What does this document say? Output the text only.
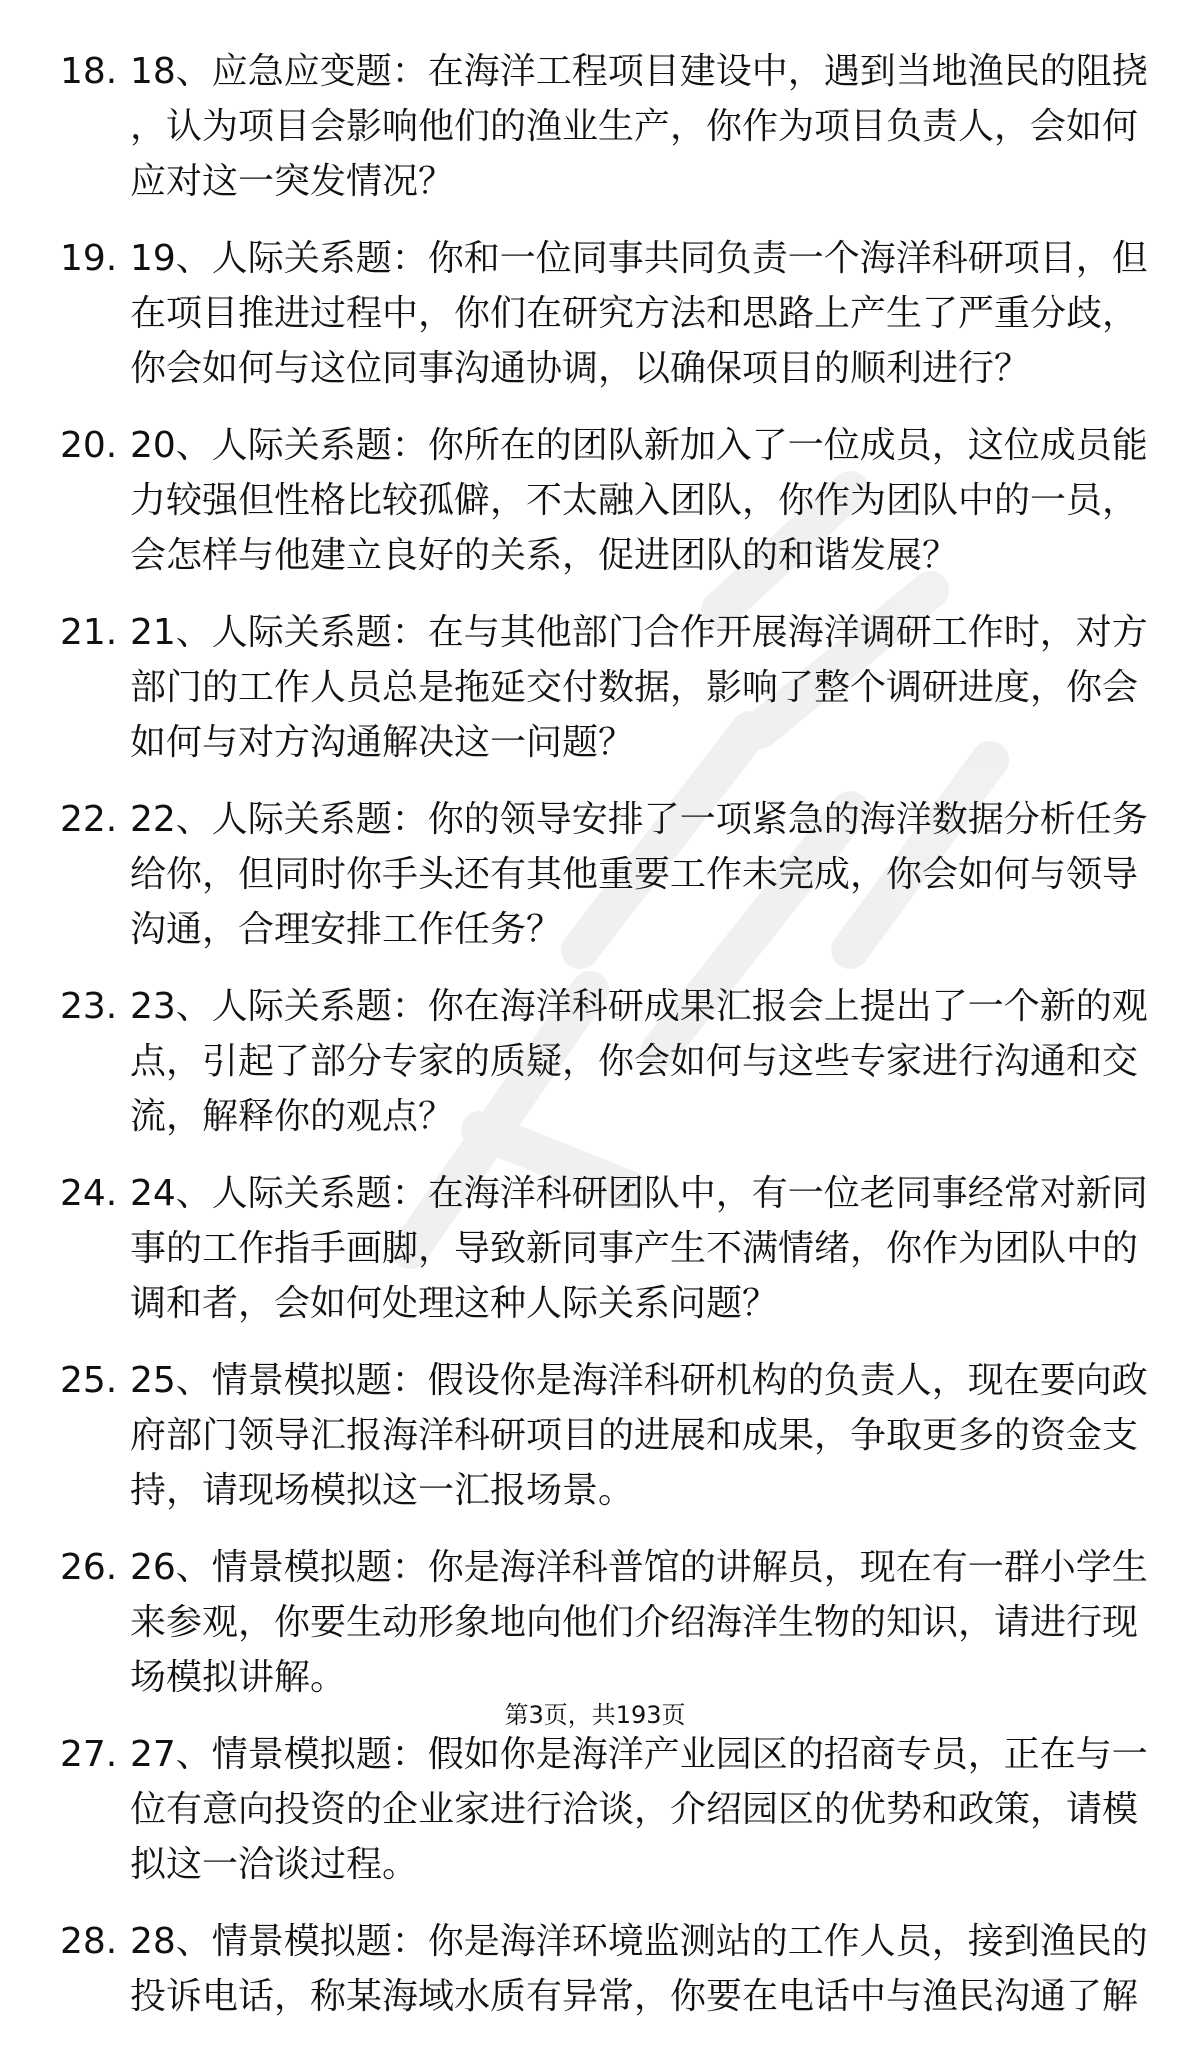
18. 18、应急应变题：在海洋工程项目建设中，遇到当地渔民的阻挠，认为项目会影响他们的渔业生产，你作为项目负责人，会如何应对这一突发情况？
19. 19、人际关系题：你和一位同事共同负责一个海洋科研项目，但在项目推进过程中，你们在研究方法和思路上产生了严重分歧，你会如何与这位同事沟通协调，以确保项目的顺利进行？
20. 20、人际关系题：你所在的团队新加入了一位成员，这位成员能力较强但性格比较孤僻，不太融入团队，你作为团队中的一员，会怎样与他建立良好的关系，促进团队的和谐发展？
21. 21、人际关系题：在与其他部门合作开展海洋调研工作时，对方部门的工作人员总是拖延交付数据，影响了整个调研进度，你会如何与对方沟通解决这一问题？
22. 22、人际关系题：你的领导安排了一项紧急的海洋数据分析任务给你，但同时你手头还有其他重要工作未完成，你会如何与领导沟通，合理安排工作任务？
23. 23、人际关系题：你在海洋科研成果汇报会上提出了一个新的观点，引起了部分专家的质疑，你会如何与这些专家进行沟通和交流，解释你的观点？
24. 24、人际关系题：在海洋科研团队中，有一位老同事经常对新同事的工作指手画脚，导致新同事产生不满情绪，你作为团队中的调和者，会如何处理这种人际关系问题？
25. 25、情景模拟题：假设你是海洋科研机构的负责人，现在要向政府部门领导汇报海洋科研项目的进展和成果，争取更多的资金支持，请现场模拟这一汇报场景。
26. 26、情景模拟题：你是海洋科普馆的讲解员，现在有一群小学生来参观，你要生动形象地向他们介绍海洋生物的知识，请进行现场模拟讲解。
27. 27、情景模拟题：假如你是海洋产业园区的招商专员，正在与一位有意向投资的企业家进行洽谈，介绍园区的优势和政策，请模拟这一洽谈过程。
28. 28、情景模拟题：你是海洋环境监测站的工作人员，接到渔民的投诉电话，称某海域水质有异常，你要在电话中与渔民沟通了解
第3页，共193页
